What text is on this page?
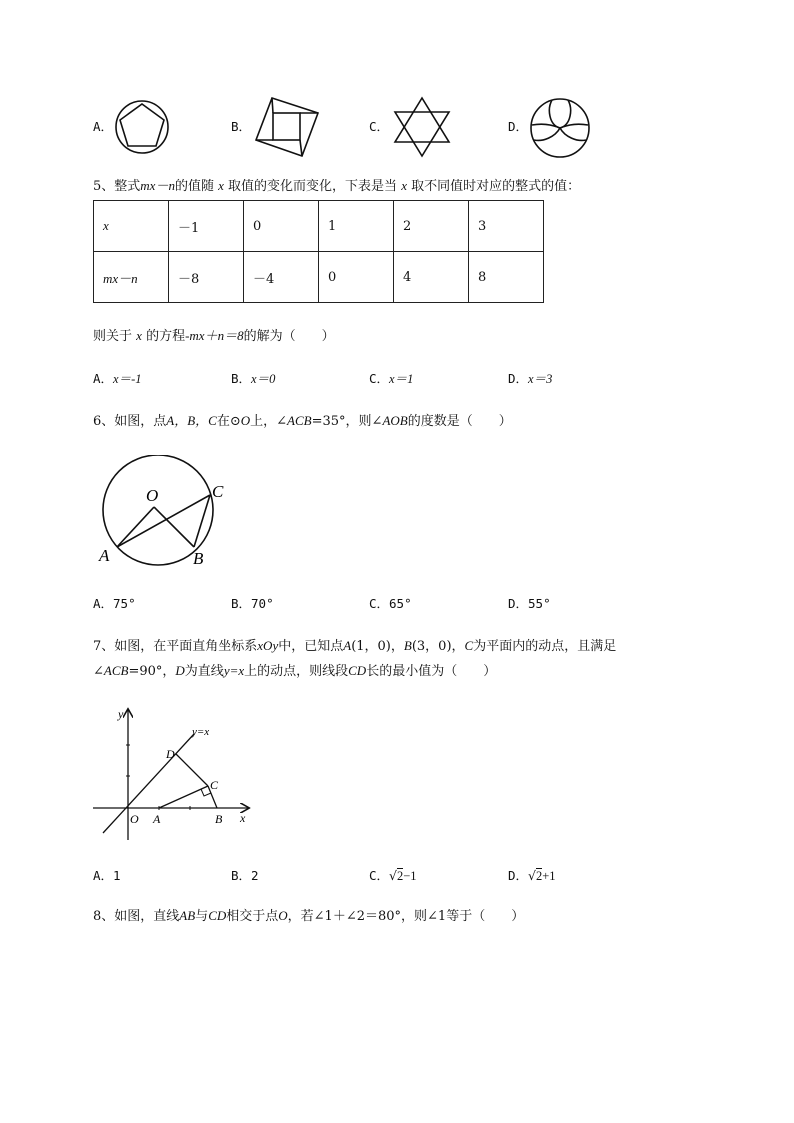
A．	B．	C．	D．
5、整式mx－n的值随 x 取值的变化而变化，下表是当 x 取不同值时对应的整式的值：
x	－1	0	1	2	3
mx－n	－8	－4	0	4	8
则关于 x 的方程-mx＋n＝8的解为（　　）
A．x＝-1	B．x＝0	C．x＝1	D．x＝3
6、如图，点A，B，C在⊙O上，∠ACB=35°，则∠AOB的度数是（　　）
O	C
A	B
A．75°	B．70°	C．65°	D．55°
7、如图，在平面直角坐标系xOy中，已知点A(1，0)，B(3，0)，C为平面内的动点，且满足
∠ACB=90°，D为直线y=x上的动点，则线段CD长的最小值为（　　）
y
x
y=x
O A	B
C
D
A．1	B．2	C．√2−1	D．√2+1
8、如图，直线AB与CD相交于点O，若∠1＋∠2＝80°，则∠1等于（　　）
